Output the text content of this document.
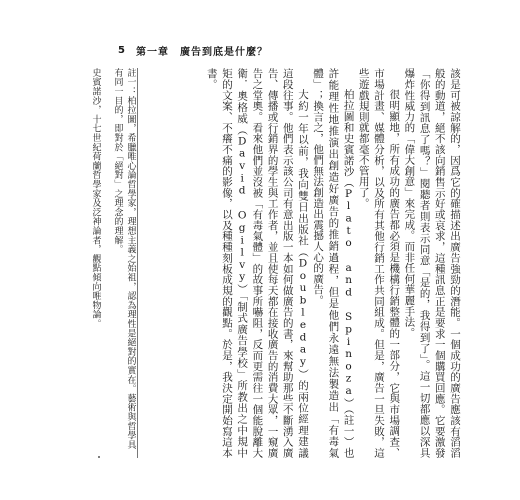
5 第一章　廣告到底是什麼？

該是可被諒解的，因爲它的確描述出廣告強勁的潛能。一個成功的廣告應該有滔滔般的動道，絕不該向銷售示好或哀求，這種訊息正是要求一個購買回應。它要激發「你得到訊息了嗎？」閱聽者則表示同意「是的，我得到了」。這一切都應以深具爆炸性威力的「偉大創意」來完成。而非任何華麗手法。

很明顯地，所有成功的廣告都必須是機構行銷整體的一部分，它與市場調查、市場計畫、媒體分析，以及所有其他行銷工作共同組成。但是，廣告一旦失敗，這些遊戲規則就都毫不管用了。

柏拉圖和史賓諾沙（Plato and Spinoza）（註一）也許能理性地推演出創造好廣告的推銷過程，但是他們永遠無法製造出「有毒氣體」；換言之，他們無法創造出震撼人心的廣告。

大約一年以前，我向雙日出版社（Doubleday）的兩位經理建議這段往事。他們表示該公司有意出版一本如何做廣告的書，來幫助那些不斷湧入廣告、傳播或行銷界的學生與工作者，並且使每天都在接收廣告的消費大眾，一窺廣告之堂奧。看來他們並沒被「有毒氣體」的故事所嚇阻，反而更需往一個能脫離大衛．奧格威（David Ogilvy）「制式廣告學校」所教出之中規中矩的文案、不癢不痛的影像，以及種種刻板成規的觀點。於是，我決定開始寫這本書。

註一：柏拉圖，希臘唯心論哲學家，理想主義之始祖，認為理性是絕對的實在。藝術與哲學具有同一目的，即對於「絕對」之理念的理解。

史賓諾沙，十七世紀荷蘭哲學家及泛神論者，觀點傾向唯物論。
